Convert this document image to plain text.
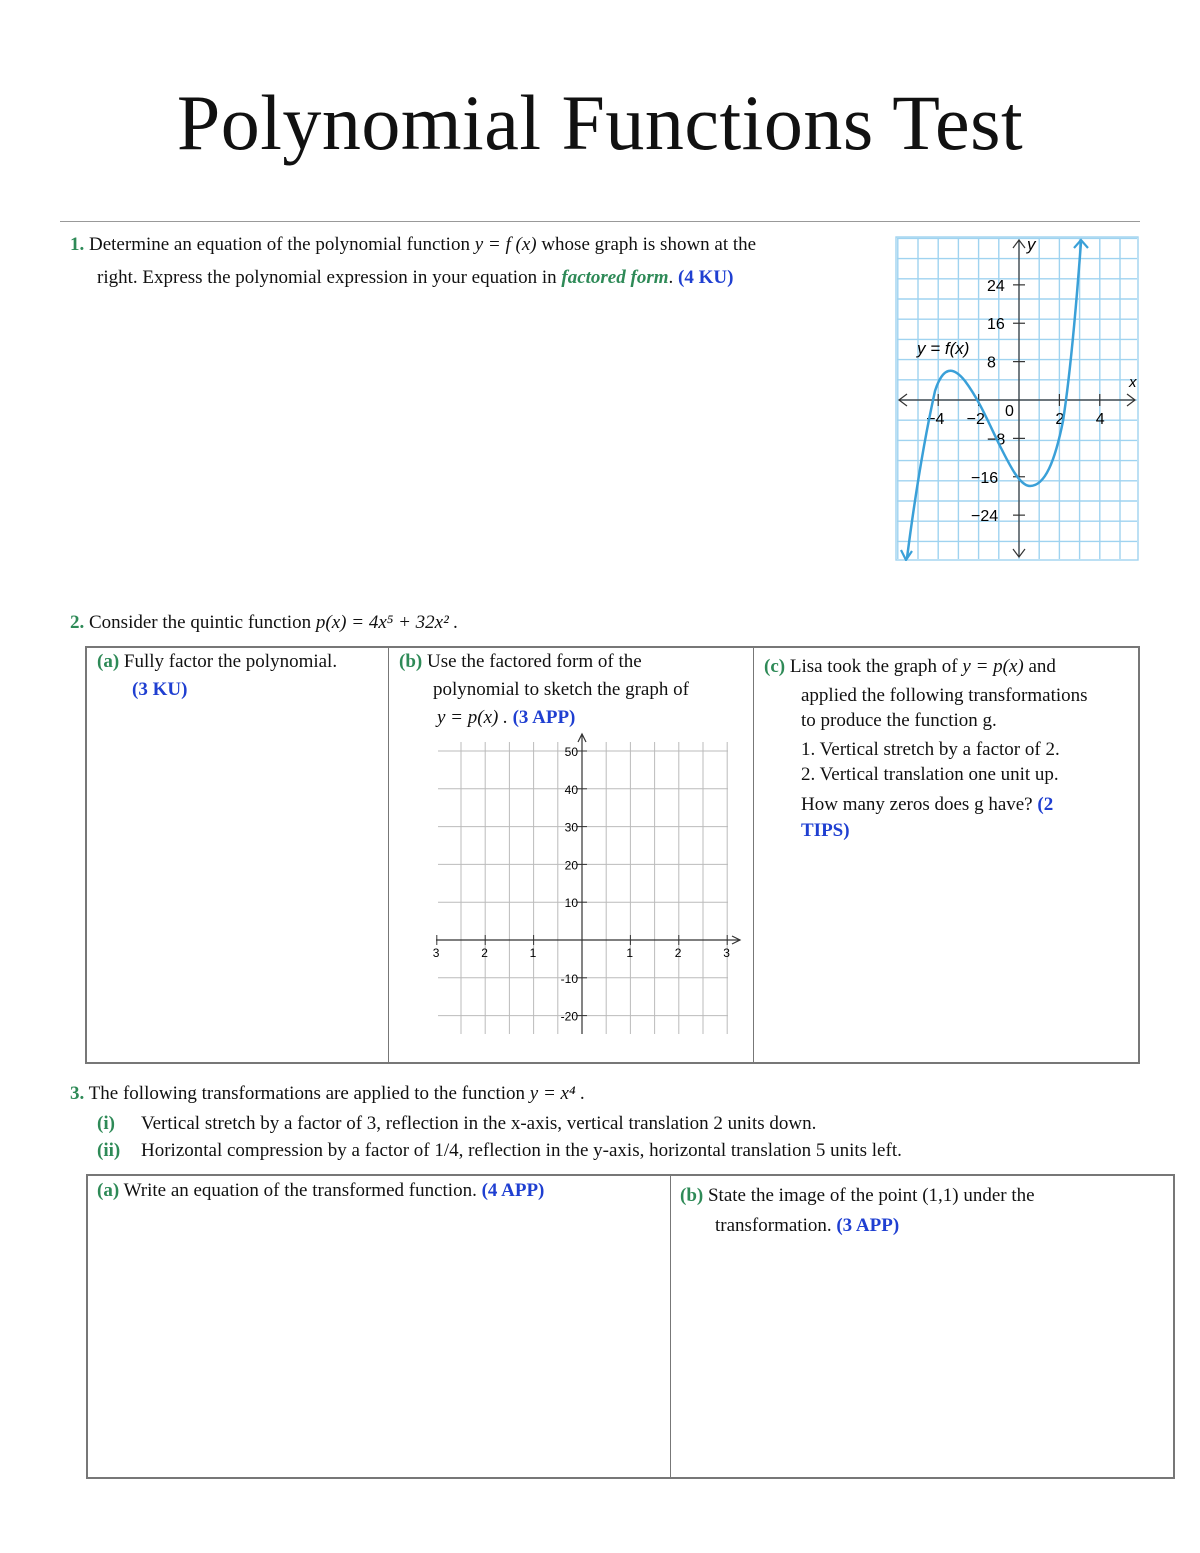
Polynomial Functions Test
1. Determine an equation of the polynomial function y = f (x) whose graph is shown at the
right. Express the polynomial expression in your equation in factored form. (4 KU)
y
x
−4 −2	2 4
24
16
8
−8
−16
−24
0
y = f(x)
2. Consider the quintic function p(x) = 4x⁵ + 32x² .
(a) Fully factor the polynomial.
(3 KU)
(b) Use the factored form of the
polynomial to sketch the graph of
y = p(x) . (3 APP)
50
40
30
20
10
-10
-20
3	2	1	1	2	3
(c) Lisa took the graph of y = p(x) and
applied the following transformations
to produce the function g.
1. Vertical stretch by a factor of 2.
2. Vertical translation one unit up.
How many zeros does g have? (2
TIPS)
3. The following transformations are applied to the function y = x⁴ .
(i) Vertical stretch by a factor of 3, reflection in the x-axis, vertical translation 2 units down.
(ii) Horizontal compression by a factor of 1/4, reflection in the y-axis, horizontal translation 5 units left.
(a) Write an equation of the transformed function. (4 APP)	(b) State the image of the point (1,1) under the
transformation. (3 APP)
